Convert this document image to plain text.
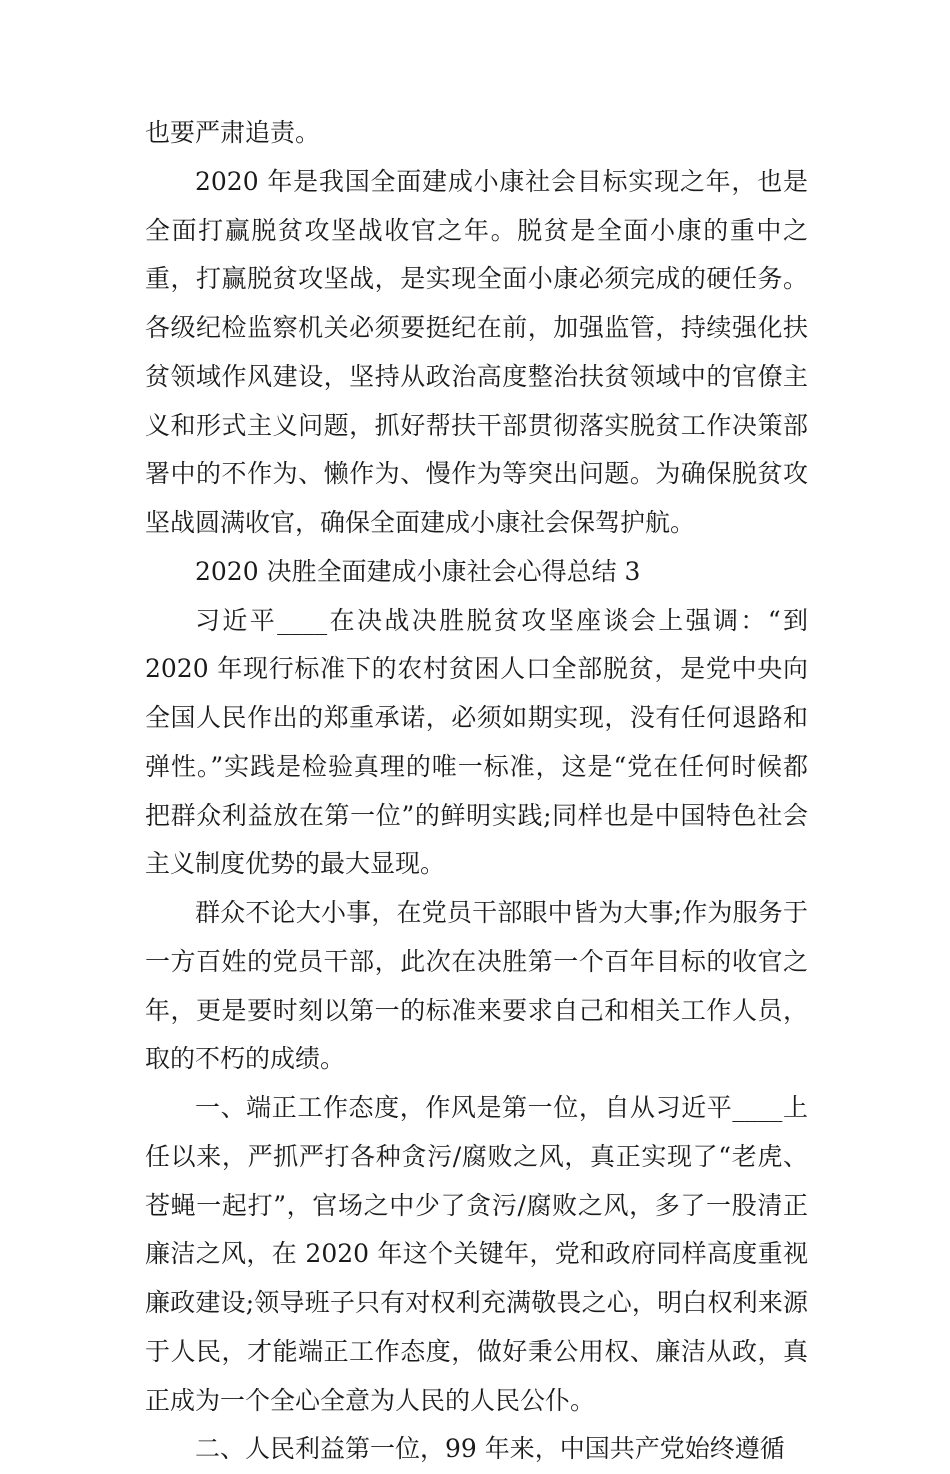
也要严肃追责。

2020 年是我国全面建成小康社会目标实现之年，也是全面打赢脱贫攻坚战收官之年。脱贫是全面小康的重中之重，打赢脱贫攻坚战，是实现全面小康必须完成的硬任务。各级纪检监察机关必须要挺纪在前，加强监管，持续强化扶贫领域作风建设，坚持从政治高度整治扶贫领域中的官僚主义和形式主义问题，抓好帮扶干部贯彻落实脱贫工作决策部署中的不作为、懒作为、慢作为等突出问题。为确保脱贫攻坚战圆满收官，确保全面建成小康社会保驾护航。

2020 决胜全面建成小康社会心得总结 3

习近平____在决战决胜脱贫攻坚座谈会上强调：“到 2020 年现行标准下的农村贫困人口全部脱贫，是党中央向全国人民作出的郑重承诺，必须如期实现，没有任何退路和弹性。”实践是检验真理的唯一标准，这是“党在任何时候都把群众利益放在第一位”的鲜明实践;同样也是中国特色社会主义制度优势的最大显现。

群众不论大小事，在党员干部眼中皆为大事;作为服务于一方百姓的党员干部，此次在决胜第一个百年目标的收官之年，更是要时刻以第一的标准来要求自己和相关工作人员，取的不朽的成绩。

一、端正工作态度，作风是第一位，自从习近平____上任以来，严抓严打各种贪污/腐败之风，真正实现了“老虎、苍蝇一起打”，官场之中少了贪污/腐败之风，多了一股清正廉洁之风，在 2020 年这个关键年，党和政府同样高度重视廉政建设;领导班子只有对权利充满敬畏之心，明白权利来源于人民，才能端正工作态度，做好秉公用权、廉洁从政，真正成为一个全心全意为人民的人民公仆。

二、人民利益第一位，99 年来，中国共产党始终遵循
